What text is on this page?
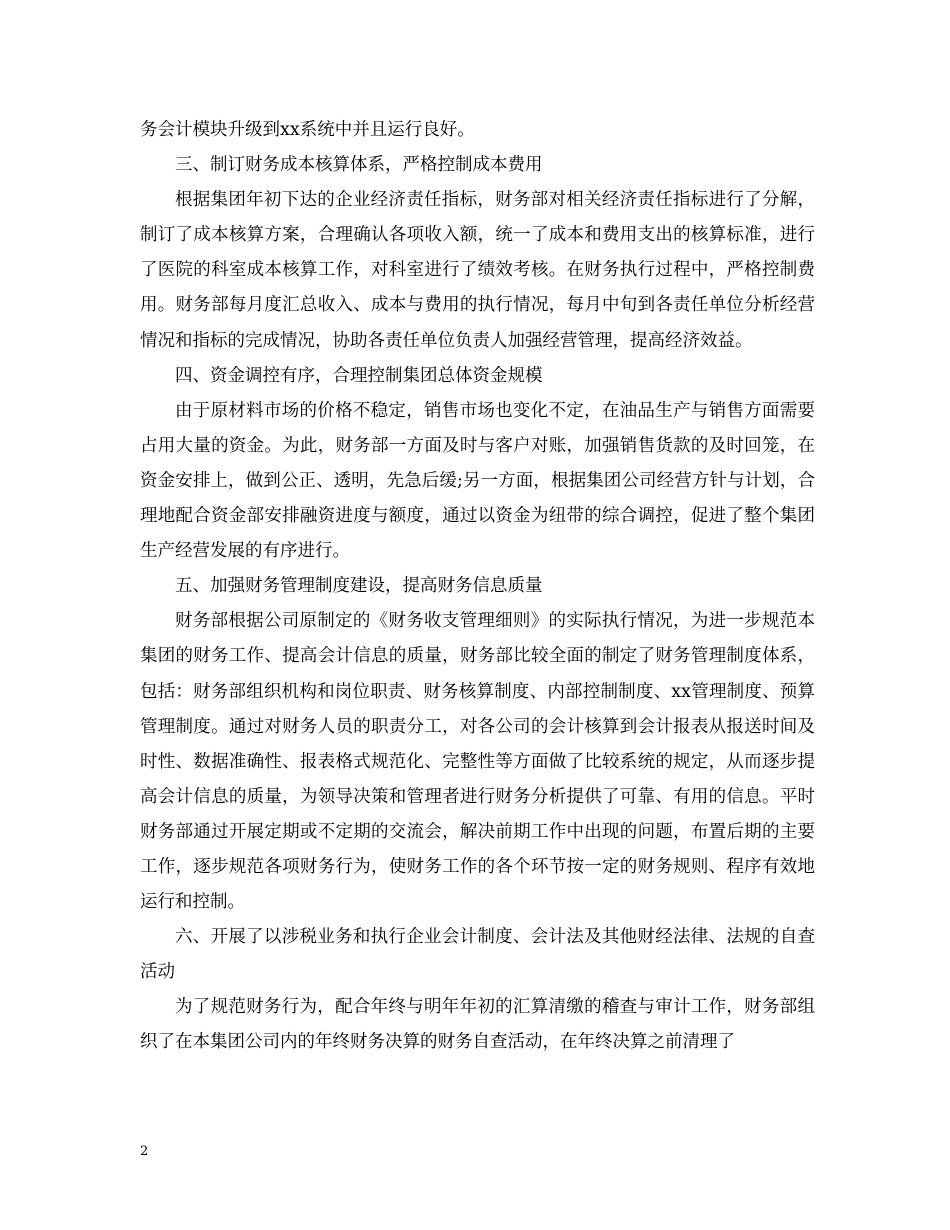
务会计模块升级到xx系统中并且运行良好。

三、制订财务成本核算体系，严格控制成本费用

根据集团年初下达的企业经济责任指标，财务部对相关经济责任指标进行了分解，制订了成本核算方案，合理确认各项收入额，统一了成本和费用支出的核算标准，进行了医院的科室成本核算工作，对科室进行了绩效考核。在财务执行过程中，严格控制费用。财务部每月度汇总收入、成本与费用的执行情况，每月中旬到各责任单位分析经营情况和指标的完成情况，协助各责任单位负责人加强经营管理，提高经济效益。

四、资金调控有序，合理控制集团总体资金规模

由于原材料市场的价格不稳定，销售市场也变化不定，在油品生产与销售方面需要占用大量的资金。为此，财务部一方面及时与客户对账，加强销售货款的及时回笼，在资金安排上，做到公正、透明，先急后缓;另一方面，根据集团公司经营方针与计划，合理地配合资金部安排融资进度与额度，通过以资金为纽带的综合调控，促进了整个集团生产经营发展的有序进行。

五、加强财务管理制度建设，提高财务信息质量

财务部根据公司原制定的《财务收支管理细则》的实际执行情况，为进一步规范本集团的财务工作、提高会计信息的质量，财务部比较全面的制定了财务管理制度体系，包括：财务部组织机构和岗位职责、财务核算制度、内部控制制度、xx管理制度、预算管理制度。通过对财务人员的职责分工，对各公司的会计核算到会计报表从报送时间及时性、数据准确性、报表格式规范化、完整性等方面做了比较系统的规定，从而逐步提高会计信息的质量，为领导决策和管理者进行财务分析提供了可靠、有用的信息。平时财务部通过开展定期或不定期的交流会，解决前期工作中出现的问题，布置后期的主要工作，逐步规范各项财务行为，使财务工作的各个环节按一定的财务规则、程序有效地运行和控制。

六、开展了以涉税业务和执行企业会计制度、会计法及其他财经法律、法规的自查活动

为了规范财务行为，配合年终与明年年初的汇算清缴的稽查与审计工作，财务部组织了在本集团公司内的年终财务决算的财务自查活动，在年终决算之前清理了

2
